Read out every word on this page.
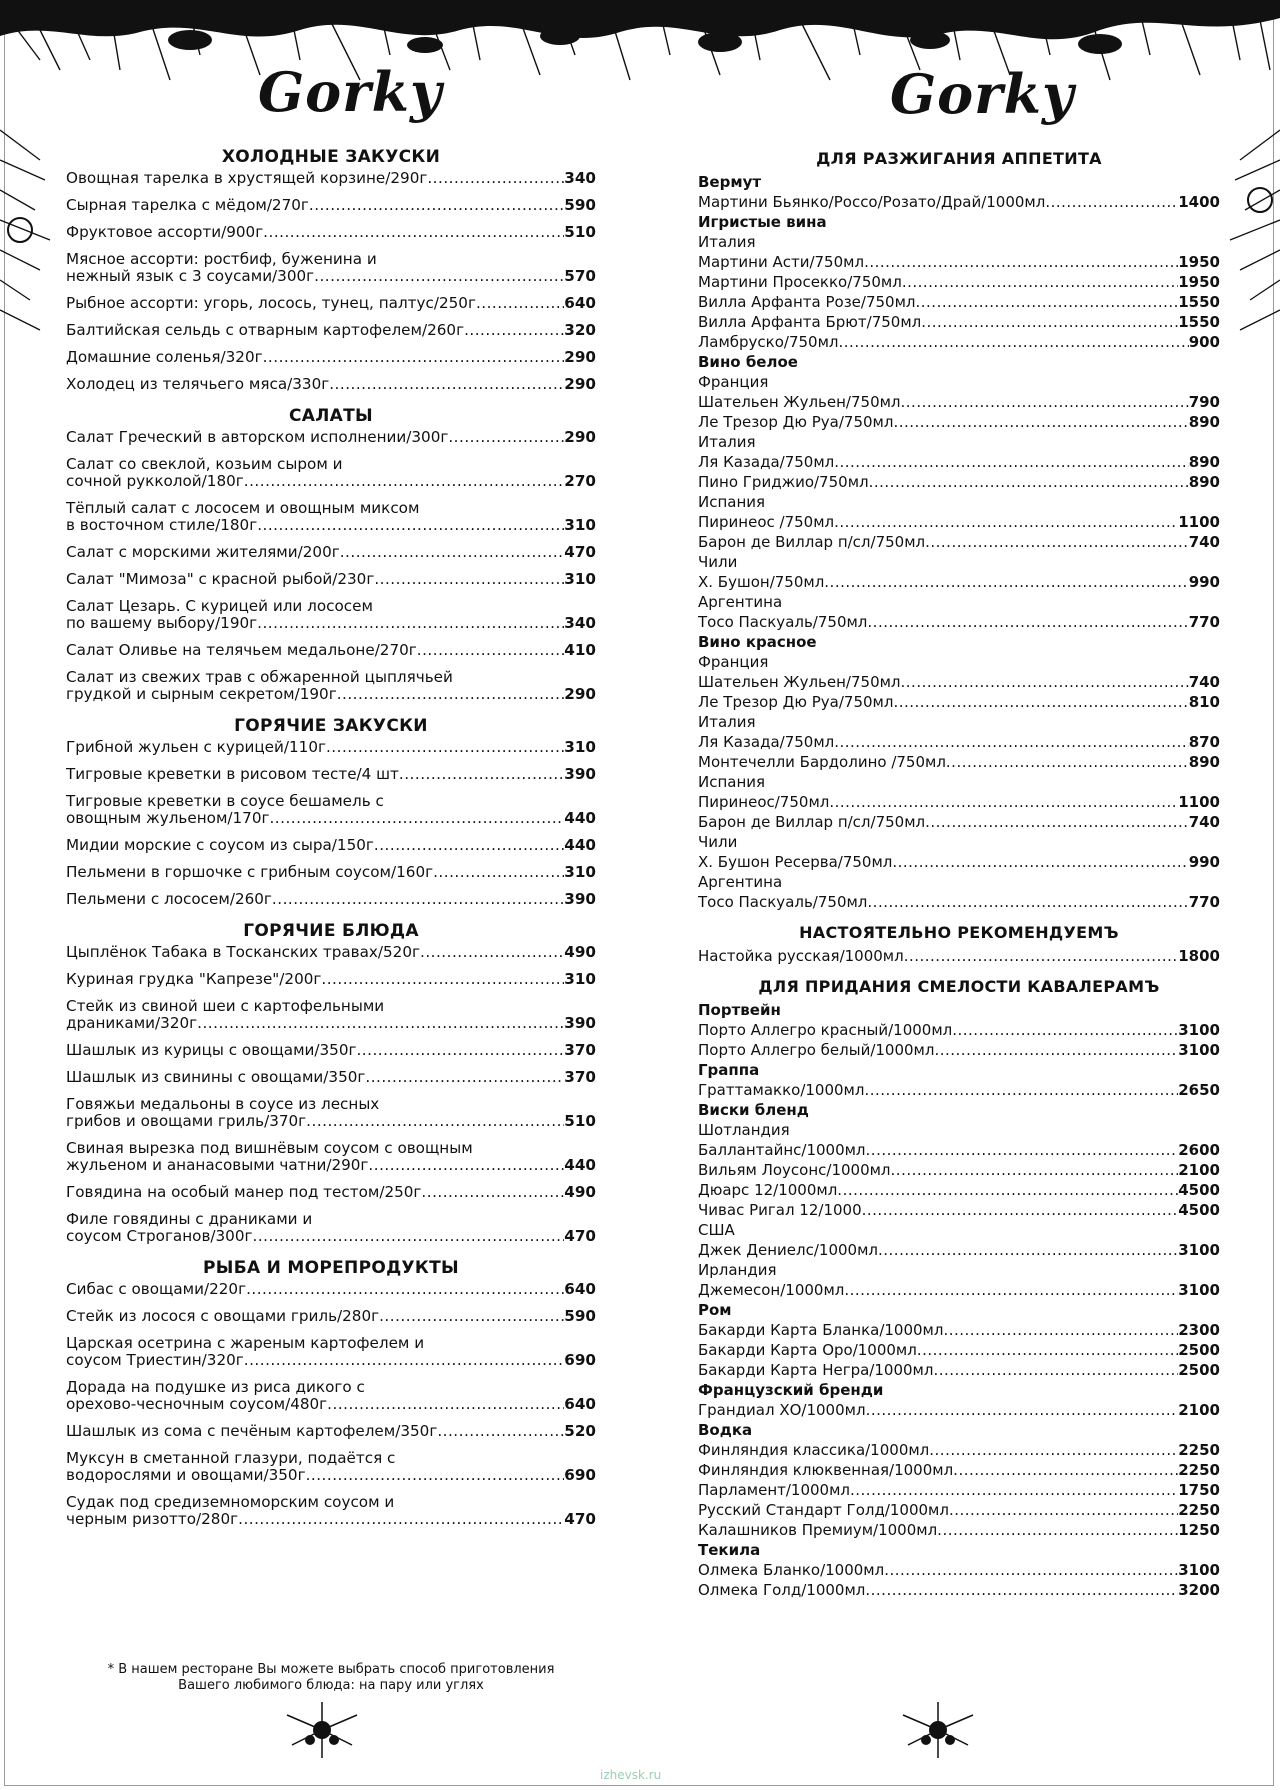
Gorky	Gorky
ХОЛОДНЫЕ ЗАКУСКИ
Овощная тарелка в хрустящей корзине/290г .....	340
Сырная тарелка с мёдом/270г .....	590
Фруктовое ассорти/900г .....	510
Мясное ассорти: ростбиф, буженина и
нежный язык с 3 соусами/300г .....	570
Рыбное ассорти: угорь, лосось, тунец, палтус/250г .....	640
Балтийская сельдь с отварным картофелем/260г .....	320
Домашние соленья/320г .....	290
Холодец из телячьего мяса/330г .....	290
САЛАТЫ
Салат Греческий в авторском исполнении/300г .....	290
Салат со свеклой, козьим сыром и
сочной рукколой/180г .....	270
Тёплый салат с лососем и овощным миксом
в восточном стиле/180г .....	310
Салат с морскими жителями/200г .....	470
Салат "Мимоза" с красной рыбой/230г .....	310
Салат Цезарь. С курицей или лососем
по вашему выбору/190г .....	340
Салат Оливье на телячьем медальоне/270г .....	410
Салат из свежих трав с обжаренной цыплячьей
грудкой и сырным секретом/190г .....	290
ГОРЯЧИЕ ЗАКУСКИ
Грибной жульен с курицей/110г .....	310
Тигровые креветки в рисовом тесте/4 шт .....	390
Тигровые креветки в соусе бешамель с
овощным жульеном/170г .....	440
Мидии морские с соусом из сыра/150г .....	440
Пельмени в горшочке с грибным соусом/160г .....	310
Пельмени с лососем/260г .....	390
ГОРЯЧИЕ БЛЮДА
Цыплёнок Табака в Тосканских травах/520г .....	490
Куриная грудка "Капрезе"/200г .....	310
Стейк из свиной шеи с картофельными
драниками/320г .....	390
Шашлык из курицы с овощами/350г .....	370
Шашлык из свинины с овощами/350г .....	370
Говяжьи медальоны в соусе из лесных
грибов и овощами гриль/370г .....	510
Свиная вырезка под вишнёвым соусом с овощным
жульеном и ананасовыми чатни/290г .....	440
Говядина на особый манер под тестом/250г .....	490
Филе говядины с драниками и
соусом Строганов/300г .....	470
РЫБА И МОРЕПРОДУКТЫ
Сибас с овощами/220г .....	640
Стейк из лосося с овощами гриль/280г .....	590
Царская осетрина с жареным картофелем и
соусом Триестин/320г .....	690
Дорада на подушке из риса дикого с
орехово-чесночным соусом/480г .....	640
Шашлык из сома с печёным картофелем/350г .....	520
Муксун в сметанной глазури, подаётся с
водорослями и овощами/350г .....	690
Судак под средиземноморским соусом и
черным ризотто/280г .....	470
ДЛЯ РАЗЖИГАНИЯ АППЕТИТА
Вермут
Мартини Бьянко/Россо/Розато/Драй/1000мл .....	1400
Игристые вина
Италия
Мартини Асти/750мл .....	1950
Мартини Просекко/750мл .....	1950
Вилла Арфанта Розе/750мл .....	1550
Вилла Арфанта Брют/750мл .....	1550
Ламбруско/750мл .....	900
Вино белое
Франция
Шательен Жульен/750мл .....	790
Ле Трезор Дю Руа/750мл .....	890
Италия
Ля Казада/750мл .....	890
Пино Гриджио/750мл .....	890
Испания
Пиринеос /750мл .....	1100
Барон де Виллар п/сл/750мл .....	740
Чили
Х. Бушон/750мл .....	990
Аргентина
Тосо Паскуаль/750мл .....	770
Вино красное
Франция
Шательен Жульен/750мл .....	740
Ле Трезор Дю Руа/750мл .....	810
Италия
Ля Казада/750мл .....	870
Монтечелли Бардолино /750мл .....	890
Испания
Пиринеос/750мл .....	1100
Барон де Виллар п/сл/750мл .....	740
Чили
Х. Бушон Ресерва/750мл .....	990
Аргентина
Тосо Паскуаль/750мл .....	770
НАСТОЯТЕЛЬНО РЕКОМЕНДУЕМЪ
Настойка русская/1000мл .....	1800
ДЛЯ ПРИДАНИЯ СМЕЛОСТИ КАВАЛЕРАМЪ
Портвейн
Порто Аллегро красный/1000мл .....	3100
Порто Аллегро белый/1000мл .....	3100
Граппа
Граттамакко/1000мл .....	2650
Виски бленд
Шотландия
Баллантайнс/1000мл .....	2600
Вильям Лоусонс/1000мл .....	2100
Дюарс 12/1000мл .....	4500
Чивас Ригал 12/1000 .....	4500
США
Джек Дениелс/1000мл .....	3100
Ирландия
Джемесон/1000мл .....	3100
Ром
Бакарди Карта Бланка/1000мл .....	2300
Бакарди Карта Оро/1000мл .....	2500
Бакарди Карта Негра/1000мл .....	2500
Французский бренди
Грандиал ХО/1000мл .....	2100
Водка
Финляндия классика/1000мл .....	2250
Финляндия клюквенная/1000мл .....	2250
Парламент/1000мл .....	1750
Русский Стандарт Голд/1000мл .....	2250
Калашников Премиум/1000мл .....	1250
Текила
Олмека Бланко/1000мл .....	3100
Олмека Голд/1000мл .....	3200
* В нашем ресторане Вы можете выбрать способ приготовления
Вашего любимого блюда: на пару или углях
izhevsk.ru
